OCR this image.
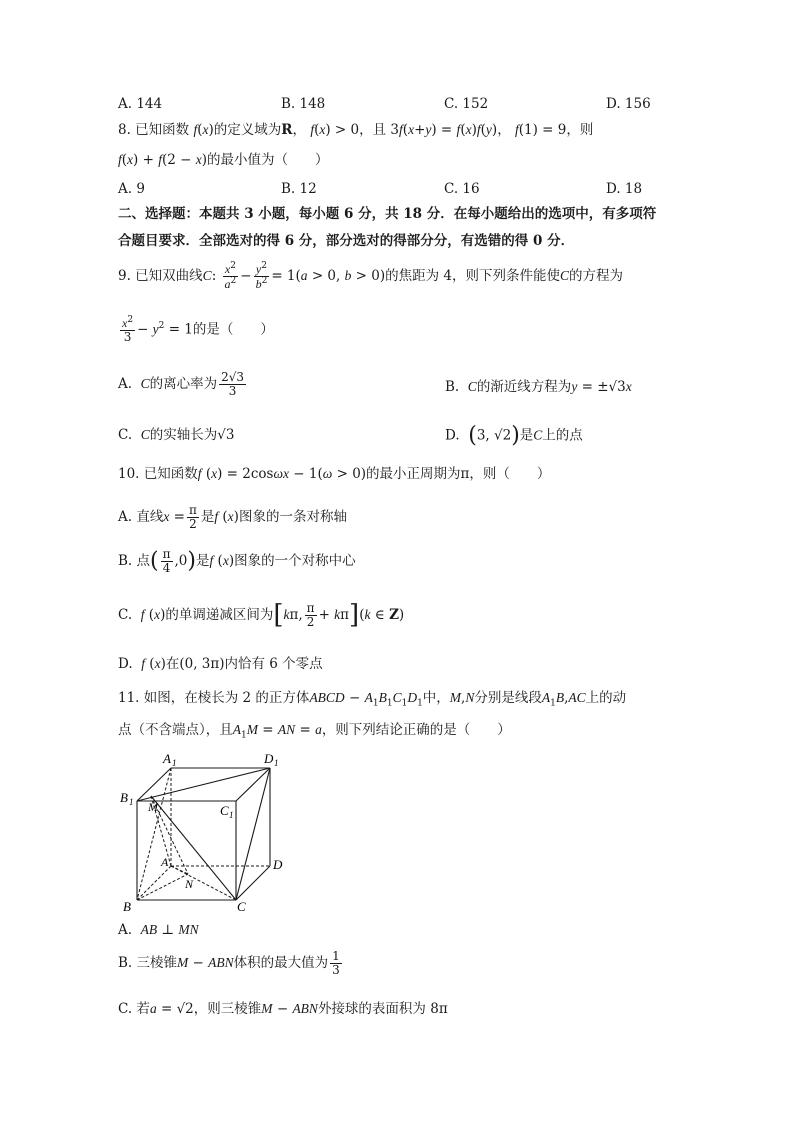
A. 144	B. 148	C. 152	D. 156
8. 已知函数 f(x)的定义域为R， f(x) > 0，且 3f(x+y) = f(x)f(y)， f(1) = 9，则
f(x) + f(2 − x)的最小值为（　　）
A. 9	B. 12	C. 16	D. 18
二、选择题：本题共 3 小题，每小题 6 分，共 18 分．在每小题给出的选项中，有多项符
合题目要求．全部选对的得 6 分，部分选对的得部分分，有选错的得 0 分．
9. 已知双曲线C: $\frac{x^2}{a^2} - \frac{y^2}{b^2} = 1(a > 0$, b > 0)的焦距为 4，则下列条件能使C的方程为
$\frac{x^2}{3} - y^2 = 1$的是（　　）
A.  C的离心率为 $\frac{2√3}{3}$	B.  C的渐近线方程为y = ±√3x
C.  C的实轴长为√3	D.  (3, √2)是C上的点
10. 已知函数f (x) = 2cosωx − 1(ω > 0)的最小正周期为π，则（　　）
A. 直线$x = \frac{\pi}{2}$ 是f (x)图象的一条对称轴
B. 点( $\frac{\pi}{4} ,0$)是f (x)图象的一个对称中心
C. f (x)的单调递减区间为[kπ, $\frac{\pi}{2} + k\pi](k$ ∈ Z)
D. f (x)在(0, 3π)内恰有 6 个零点
11. 如图，在棱长为 2 的正方体ABCD − $A_1B_1C_1D_1$中，M,N分别是线段$A_1B,AC$上的动
点（不含端点），且$A_1M$ = AN = a，则下列结论正确的是（　　）
A 1	D 1
B 1
C 1
M
A
N
D
B	C
A. AB ⊥ MN
B. 三棱锥M − ABN体积的最大值为 $\frac{1}{3}$
C. 若a = √2，则三棱锥M − ABN外接球的表面积为 8π
